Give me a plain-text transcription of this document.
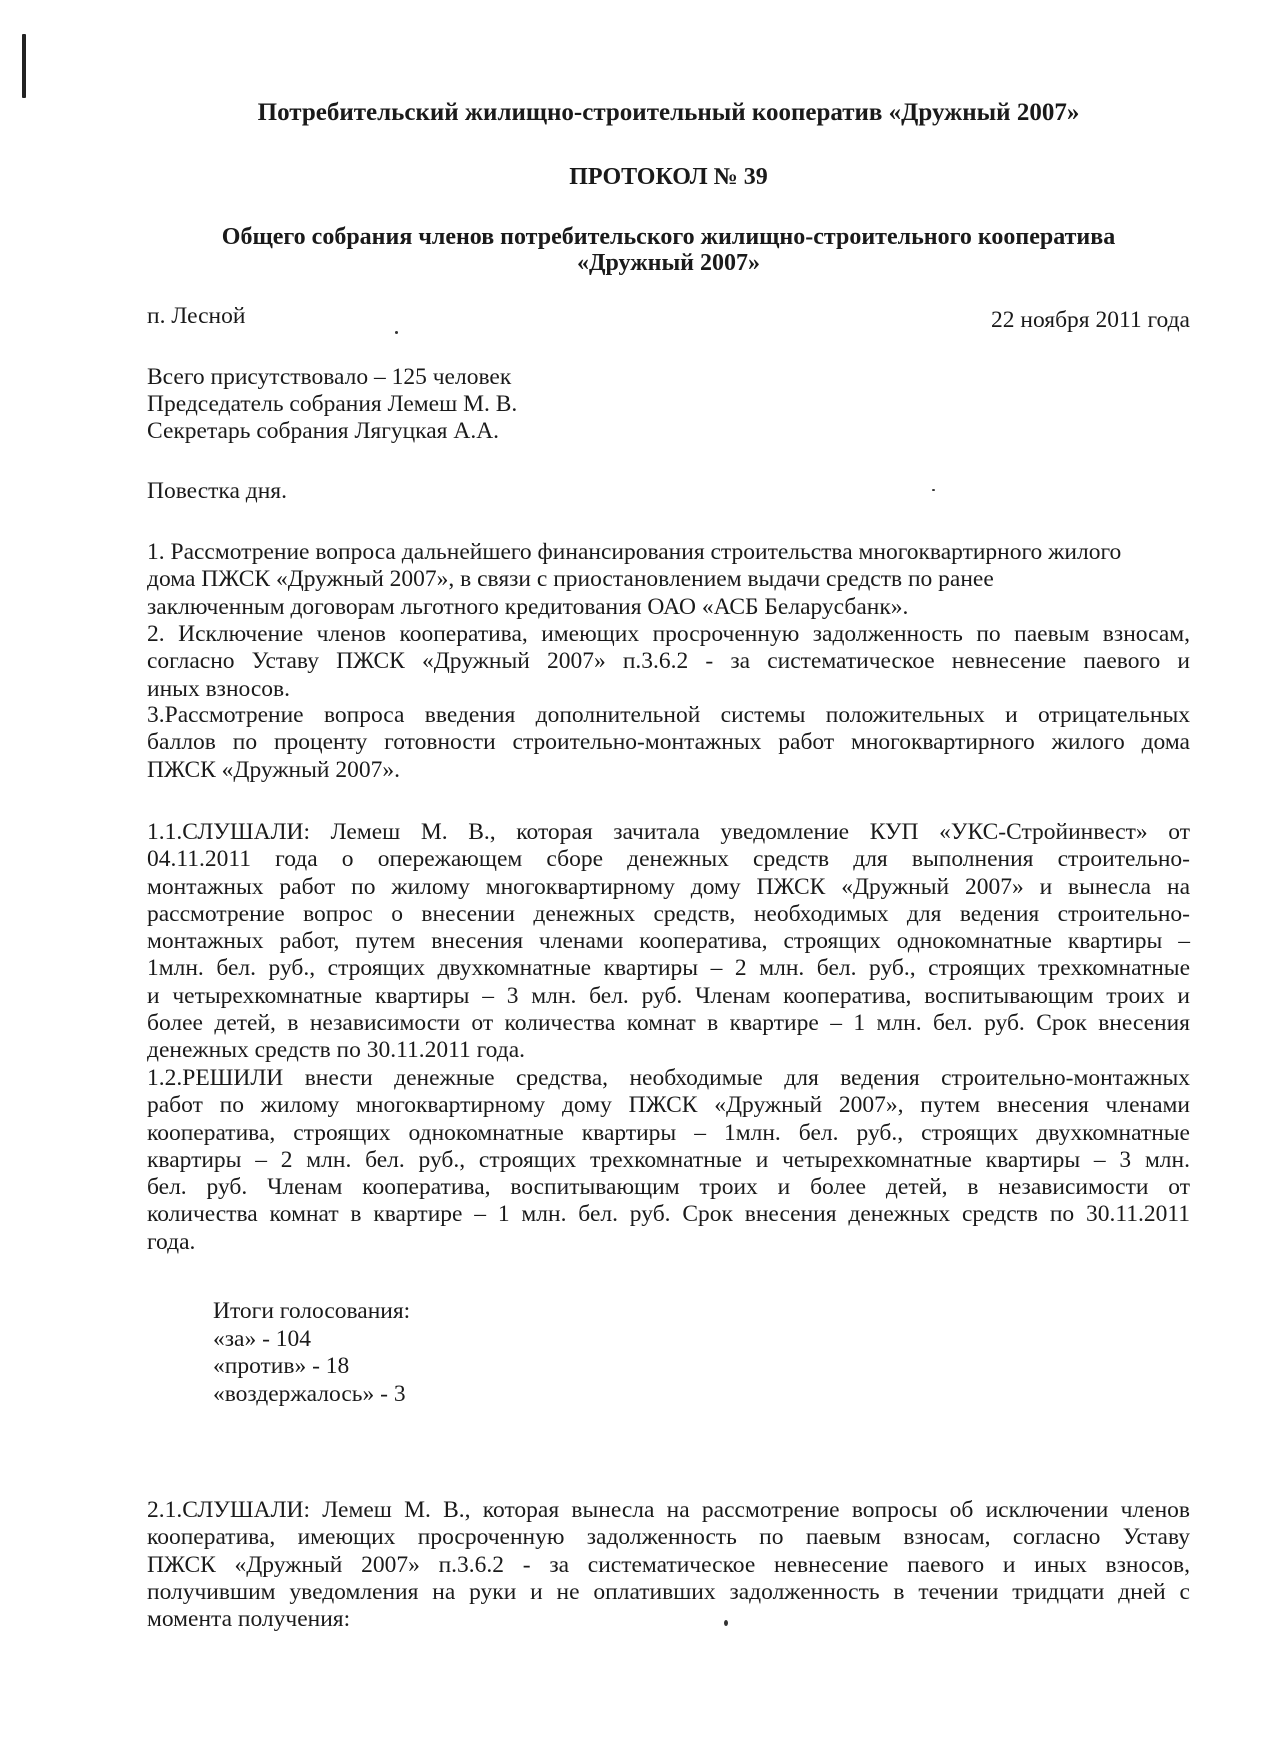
Потребительский жилищно-строительный кооператив «Дружный 2007»
ПРОТОКОЛ № 39
Общего собрания членов потребительского жилищно-строительного кооператива
«Дружный 2007»
п. Лесной	22 ноября 2011 года
Всего присутствовало – 125 человек
Председатель собрания Лемеш М. В.
Секретарь собрания Лягуцкая А.А.
Повестка дня.
1. Рассмотрение вопроса дальнейшего финансирования строительства многоквартирного жилого
дома ПЖСК «Дружный 2007», в связи с приостановлением выдачи средств по ранее
заключенным договорам льготного кредитования ОАО «АСБ Беларусбанк».
2. Исключение членов кооператива, имеющих просроченную задолженность по паевым взносам,
согласно Уставу ПЖСК «Дружный 2007» п.3.6.2 - за систематическое невнесение паевого и
иных взносов.
3.Рассмотрение вопроса введения дополнительной системы положительных и отрицательных
баллов по проценту готовности строительно-монтажных работ многоквартирного жилого дома
ПЖСК «Дружный 2007».
1.1.СЛУШАЛИ: Лемеш М. В., которая зачитала уведомление КУП «УКС-Стройинвест» от
04.11.2011 года о опережающем сборе денежных средств для выполнения строительно-
монтажных работ по жилому многоквартирному дому ПЖСК «Дружный 2007» и вынесла на
рассмотрение вопрос о внесении денежных средств, необходимых для ведения строительно-
монтажных работ, путем внесения членами кооператива, строящих однокомнатные квартиры –
1млн. бел. руб., строящих двухкомнатные квартиры – 2 млн. бел. руб., строящих трехкомнатные
и четырехкомнатные квартиры – 3 млн. бел. руб. Членам кооператива, воспитывающим троих и
более детей, в независимости от количества комнат в квартире – 1 млн. бел. руб. Срок внесения
денежных средств по 30.11.2011 года.
1.2.РЕШИЛИ внести денежные средства, необходимые для ведения строительно-монтажных
работ по жилому многоквартирному дому ПЖСК «Дружный 2007», путем внесения членами
кооператива, строящих однокомнатные квартиры – 1млн. бел. руб., строящих двухкомнатные
квартиры – 2 млн. бел. руб., строящих трехкомнатные и четырехкомнатные квартиры – 3 млн.
бел. руб. Членам кооператива, воспитывающим троих и более детей, в независимости от
количества комнат в квартире – 1 млн. бел. руб. Срок внесения денежных средств по 30.11.2011
года.
Итоги голосования:
«за» - 104
«против» - 18
«воздержалось» - 3
2.1.СЛУШАЛИ: Лемеш М. В., которая вынесла на рассмотрение вопросы об исключении членов
кооператива, имеющих просроченную задолженность по паевым взносам, согласно Уставу
ПЖСК «Дружный 2007» п.3.6.2 - за систематическое невнесение паевого и иных взносов,
получившим уведомления на руки и не оплативших задолженность в течении тридцати дней с
момента получения:
